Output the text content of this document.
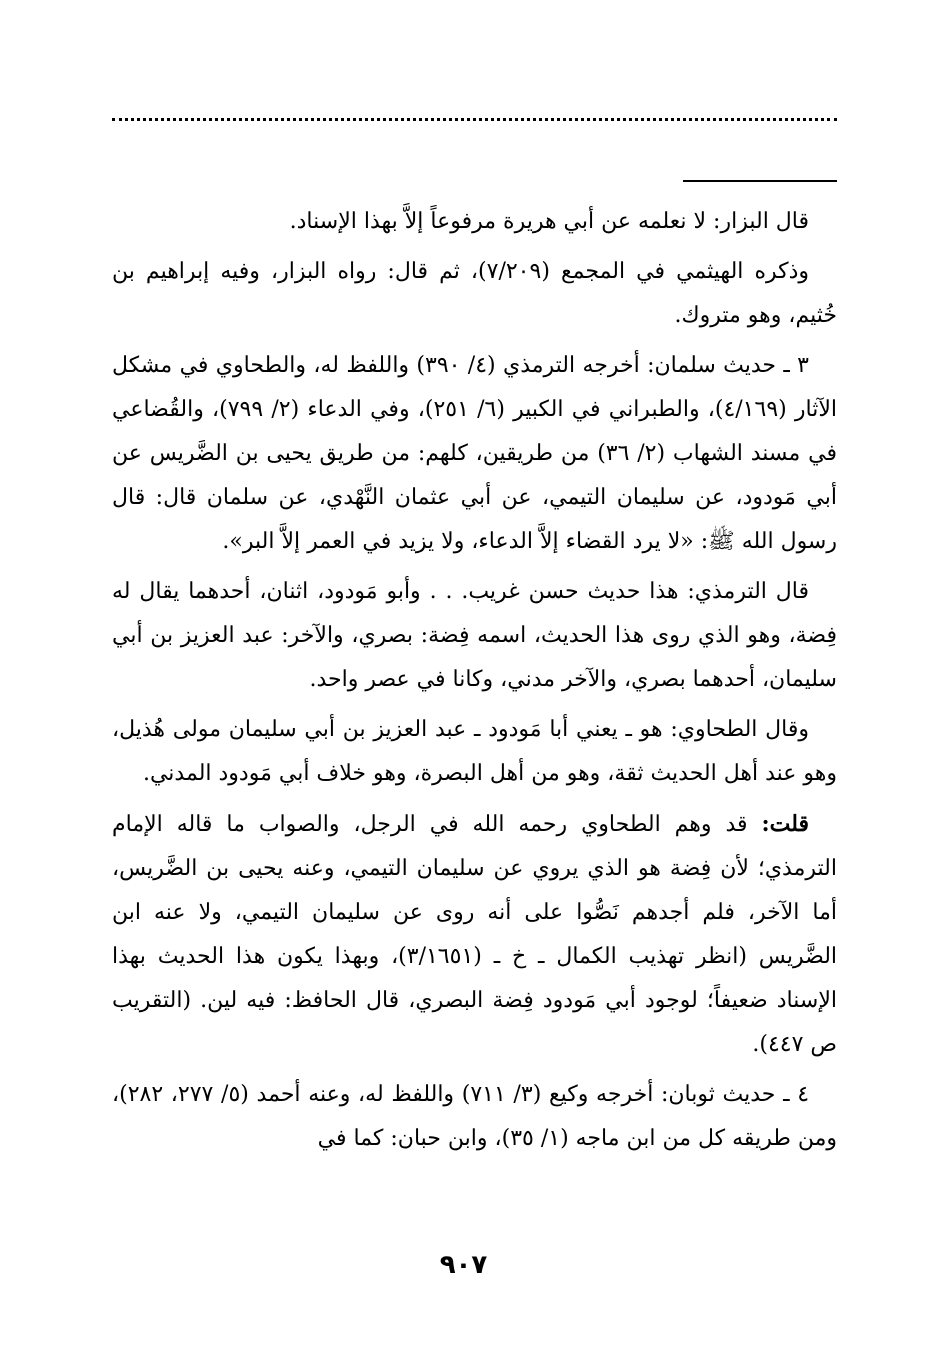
قال البزار: لا نعلمه عن أبي هريرة مرفوعاً إلاَّ بهذا الإسناد.

وذكره الهيثمي في المجمع (٧/٢٠٩)، ثم قال: رواه البزار، وفيه إبراهيم بن خُثيم، وهو متروك.

٣ ـ حديث سلمان: أخرجه الترمذي (٤/ ٣٩٠) واللفظ له، والطحاوي في مشكل الآثار (٤/١٦٩)، والطبراني في الكبير (٦/ ٢٥١)، وفي الدعاء (٢/ ٧٩٩)، والقُضاعي في مسند الشهاب (٢/ ٣٦) من طريقين، كلهم: من طريق يحيى بن الضَّريس عن أبي مَودود، عن سليمان التيمي، عن أبي عثمان النَّهْدي، عن سلمان قال: قال رسول الله ﷺ: «لا يرد القضاء إلاَّ الدعاء، ولا يزيد في العمر إلاَّ البر».

قال الترمذي: هذا حديث حسن غريب. . . وأبو مَودود، اثنان، أحدهما يقال له فِضة، وهو الذي روى هذا الحديث، اسمه فِضة: بصري، والآخر: عبد العزيز بن أبي سليمان، أحدهما بصري، والآخر مدني، وكانا في عصر واحد.

وقال الطحاوي: هو ـ يعني أبا مَودود ـ عبد العزيز بن أبي سليمان مولى هُذيل، وهو عند أهل الحديث ثقة، وهو من أهل البصرة، وهو خلاف أبي مَودود المدني.

قلت: قد وهم الطحاوي رحمه الله في الرجل، والصواب ما قاله الإمام الترمذي؛ لأن فِضة هو الذي يروي عن سليمان التيمي، وعنه يحيى بن الضَّريس، أما الآخر، فلم أجدهم نَصُّوا على أنه روى عن سليمان التيمي، ولا عنه ابن الضَّريس (انظر تهذيب الكمال ـ خ ـ (٣/١٦٥١)، وبهذا يكون هذا الحديث بهذا الإسناد ضعيفاً؛ لوجود أبي مَودود فِضة البصري، قال الحافظ: فيه لين. (التقريب ص ٤٤٧).

٤ ـ حديث ثوبان: أخرجه وكيع (٣/ ٧١١) واللفظ له، وعنه أحمد (٥/ ٢٧٧، ٢٨٢)، ومن طريقه كل من ابن ماجه (١/ ٣٥)، وابن حبان: كما في

٩٠٧
